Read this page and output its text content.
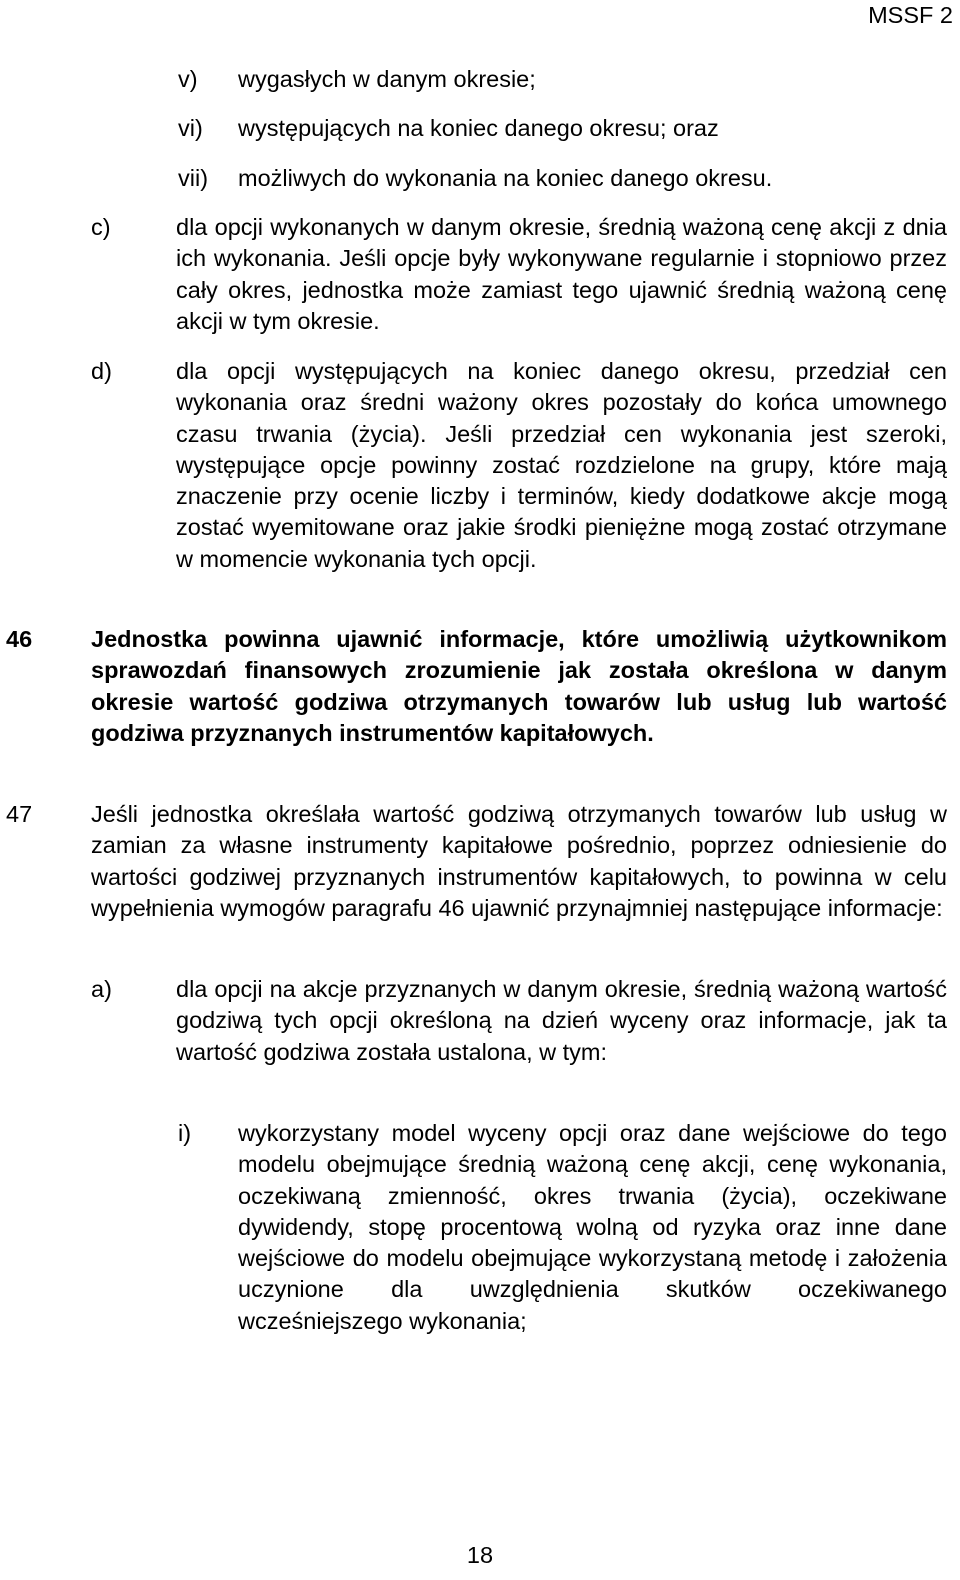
MSSF 2
v) wygasłych w danym okresie;
vi) występujących na koniec danego okresu; oraz
vii) możliwych do wykonania na koniec danego okresu.
c)	dla opcji wykonanych w danym okresie, średnią ważoną cenę akcji z dnia ich wykonania. Jeśli opcje były wykonywane regularnie i stopniowo przez cały okres, jednostka może zamiast tego ujawnić średnią ważoną cenę akcji w tym okresie.
d)	dla opcji występujących na koniec danego okresu, przedział cen wykonania oraz średni ważony okres pozostały do końca umownego czasu trwania (życia). Jeśli przedział cen wykonania jest szeroki, występujące opcje powinny zostać rozdzielone na grupy, które mają znaczenie przy ocenie liczby i terminów, kiedy dodatkowe akcje mogą zostać wyemitowane oraz jakie środki pieniężne mogą zostać otrzymane w momencie wykonania tych opcji.
46	Jednostka powinna ujawnić informacje, które umożliwią użytkownikom sprawozdań finansowych zrozumienie jak została określona w danym okresie wartość godziwa otrzymanych towarów lub usług lub wartość godziwa przyznanych instrumentów kapitałowych.
47	Jeśli jednostka określała wartość godziwą otrzymanych towarów lub usług w zamian za własne instrumenty kapitałowe pośrednio, poprzez odniesienie do wartości godziwej przyznanych instrumentów kapitałowych, to powinna w celu wypełnienia wymogów paragrafu 46 ujawnić przynajmniej następujące informacje:
a)	dla opcji na akcje przyznanych w danym okresie, średnią ważoną wartość godziwą tych opcji określoną na dzień wyceny oraz informacje, jak ta wartość godziwa została ustalona, w tym:
i) wykorzystany model wyceny opcji oraz dane wejściowe do tego modelu obejmujące średnią ważoną cenę akcji, cenę wykonania, oczekiwaną zmienność, okres trwania (życia), oczekiwane dywidendy, stopę procentową wolną od ryzyka oraz inne dane wejściowe do modelu obejmujące wykorzystaną metodę i założenia uczynione dla uwzględnienia skutków oczekiwanego wcześniejszego wykonania;
18
